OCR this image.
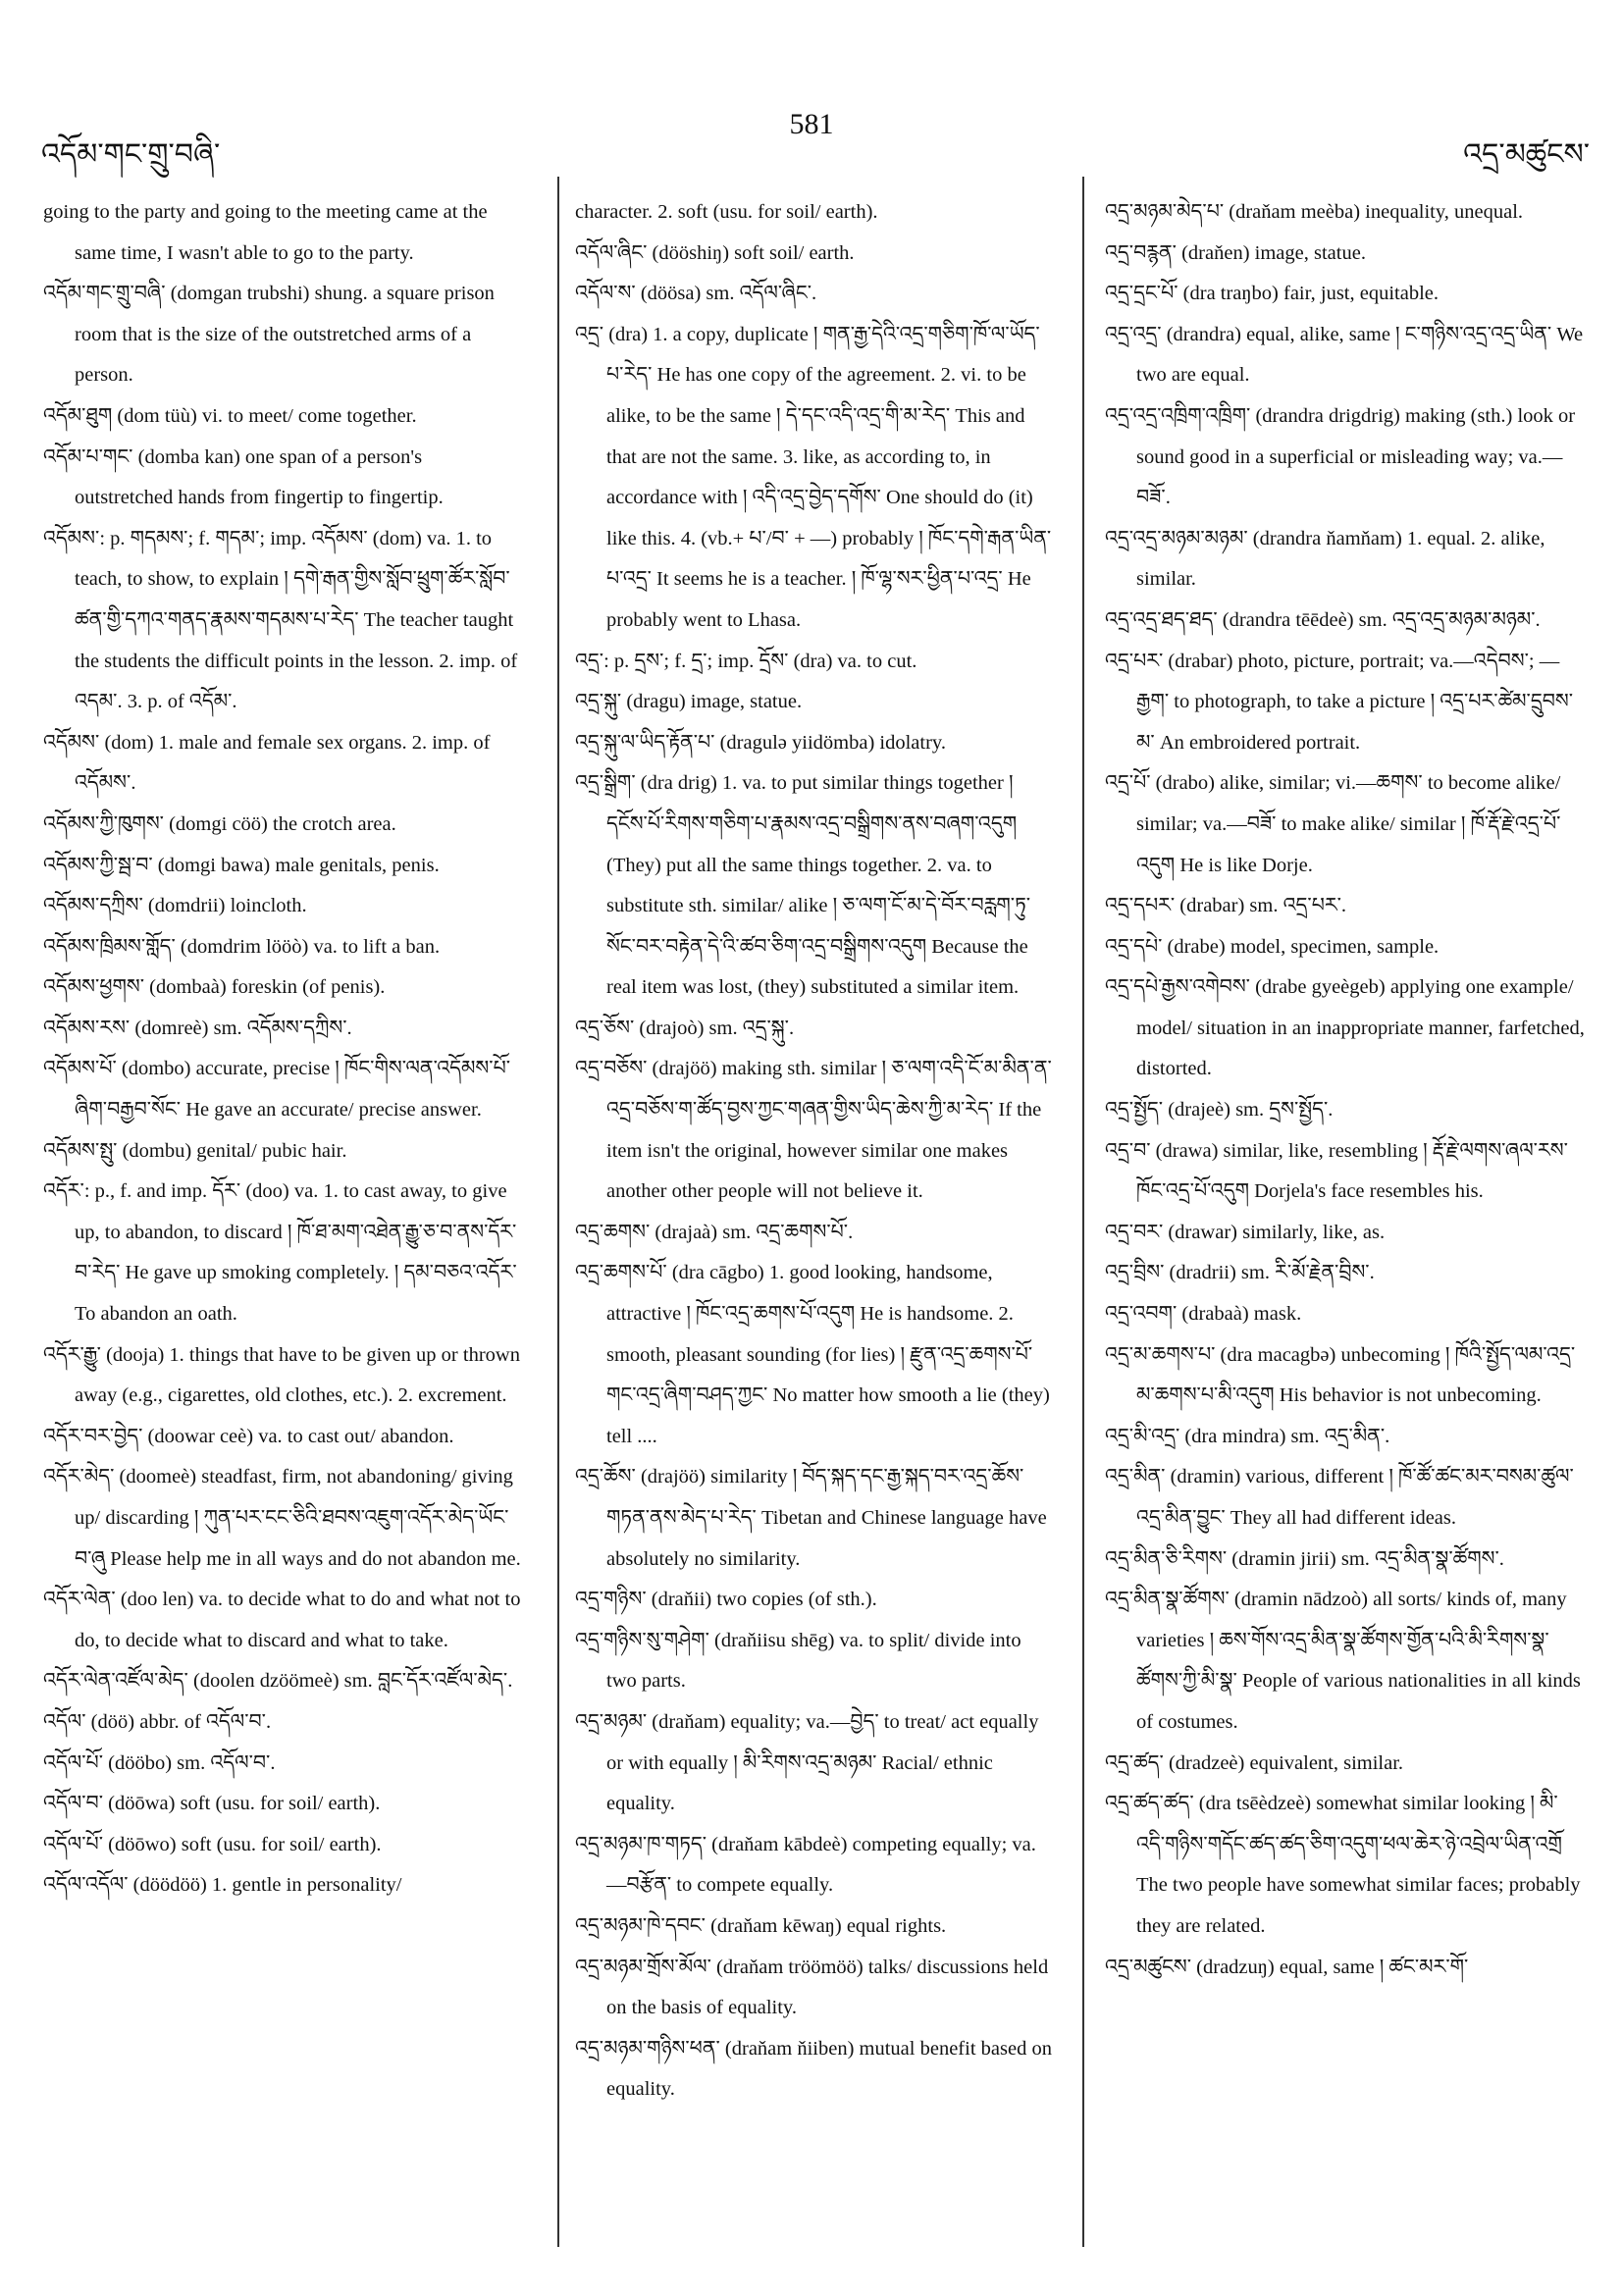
འདོམ་གང་གྲུ་བཞི་
581
འདྲ་མཚུངས་

going to the party and going to the meeting came at the same time, I wasn't able to go to the party.

འདོམ་གང་གྲུ་བཞི་ (domgan trubshi) shung. a square prison room that is the size of the outstretched arms of a person.

འདོམ་ཐུག (dom tüù) vi. to meet/ come together.

འདོམ་པ་གང་ (domba kan) one span of a person's outstretched hands from fingertip to fingertip.

འདོམས་: p. གདམས་; f. གདམ་; imp. འདོམས་ (dom) va. 1. to teach, to show, to explain ། དགེ་རྒན་གྱིས་སློབ་ཕྲུག་ཚོར་སློབ་ཚན་གྱི་དཀའ་གནད་རྣམས་གདམས་པ་རེད་ The teacher taught the students the difficult points in the lesson. 2. imp. of འདམ་. 3. p. of འདོམ་.

འདོམས་ (dom) 1. male and female sex organs. 2. imp. of འདོམས་.

འདོམས་ཀྱི་ཁུགས་ (domgi cöö) the crotch area.

འདོམས་ཀྱི་སྦ་བ་ (domgi bawa) male genitals, penis.

འདོམས་དཀྲིས་ (domdrii) loincloth.

འདོམས་ཁྲིམས་གློད་ (domdrim lööò) va. to lift a ban.

འདོམས་ཕྱགས་ (dombaà) foreskin (of penis).

འདོམས་རས་ (domreè) sm. འདོམས་དཀྲིས་.

འདོམས་པོ་ (dombo) accurate, precise ། ཁོང་གིས་ལན་འདོམས་པོ་ཞིག་བརྒྱབ་སོང་ He gave an accurate/ precise answer.

འདོམས་སྤུ་ (dombu) genital/ pubic hair.

འདོར་: p., f. and imp. དོར་ (doo) va. 1. to cast away, to give up, to abandon, to discard ། ཁོ་ཐ་མག་འཐེན་རྒྱུ་ཅ་བ་ནས་དོར་བ་རེད་ He gave up smoking completely. ། དམ་བཅའ་འདོར་ To abandon an oath.

འདོར་རྒྱུ་ (dooja) 1. things that have to be given up or thrown away (e.g., cigarettes, old clothes, etc.). 2. excrement.

འདོར་བར་བྱེད་ (doowar ceè) va. to cast out/ abandon.

འདོར་མེད་ (doomeè) steadfast, firm, not abandoning/ giving up/ discarding ། ཀུན་པར་ངང་ཅིའི་ཐབས་འཇུག་འདོར་མེད་ཡོང་བ་ཞུ Please help me in all ways and do not abandon me.

འདོར་ལེན་ (doo len) va. to decide what to do and what not to do, to decide what to discard and what to take.

འདོར་ལེན་འཛོལ་མེད་ (doolen dzöömeè) sm. བླང་དོར་འཛོལ་མེད་.

འདོལ་ (döö) abbr. of འདོལ་བ་.

འདོལ་པོ་ (dööbo) sm. འདོལ་བ་.

འདོལ་བ་ (döōwa) soft (usu. for soil/ earth).

འདོལ་པོ་ (döōwo) soft (usu. for soil/ earth).

འདོལ་འདོལ་ (döödöö) 1. gentle in personality/

character. 2. soft (usu. for soil/ earth).

འདོལ་ཞིང་ (dööshiŋ) soft soil/ earth.

འདོལ་ས་ (döösa) sm. འདོལ་ཞིང་.

འདྲ་ (dra) 1. a copy, duplicate ། གན་རྒྱ་དེའི་འདྲ་གཅིག་ཁོ་ལ་ཡོད་པ་རེད་ He has one copy of the agreement. 2. vi. to be alike, to be the same ། དེ་དང་འདི་འདྲ་གི་མ་རེད་ This and that are not the same. 3. like, as according to, in accordance with ། འདི་འདྲ་བྱེད་དགོས་ One should do (it) like this. 4. (vb.+ པ་/བ་ + —) probably ། ཁོང་དགེ་རྒན་ཡིན་པ་འདྲ་ It seems he is a teacher. ། ཁོ་ལྷ་སར་ཕྱིན་པ་འདྲ་ He probably went to Lhasa.

འདྲ་: p. དྲས་; f. དྲ་; imp. དྲོས་ (dra) va. to cut.

འདྲ་སྐུ་ (dragu) image, statue.

འདྲ་སྐུ་ལ་ཡིད་རྟོན་པ་ (dragulə yiidömba) idolatry.

འདྲ་སྒྲིག་ (dra drig) 1. va. to put similar things together ། དངོས་པོ་རིགས་གཅིག་པ་རྣམས་འདྲ་བསྒྲིགས་ནས་བཞག་འདུག (They) put all the same things together. 2. va. to substitute sth. similar/ alike ། ཅ་ལག་ངོ་མ་དེ་བོར་བརླག་ཏུ་སོང་བར་བརྟེན་དེ་འི་ཚབ་ཅིག་འདྲ་བསྒྲིགས་འདུག Because the real item was lost, (they) substituted a similar item.

འདྲ་ཅོས་ (drajoò) sm. འདྲ་སྐུ་.

འདྲ་བཅོས་ (drajöö) making sth. similar ། ཅ་ལག་འདི་ངོ་མ་མིན་ན་འདྲ་བཅོས་ག་ཚོད་བྱས་ཀྱང་གཞན་གྱིས་ཡིད་ཆེས་ཀྱི་མ་རེད་ If the item isn't the original, however similar one makes another other people will not believe it.

འདྲ་ཆགས་ (drajaà) sm. འདྲ་ཆགས་པོ་.

འདྲ་ཆགས་པོ་ (dra cāgbo) 1. good looking, handsome, attractive ། ཁོང་འདྲ་ཆགས་པོ་འདུག He is handsome. 2. smooth, pleasant sounding (for lies) ། རྫུན་འདྲ་ཆགས་པོ་གང་འདྲ་ཞིག་བཤད་ཀྱང་ No matter how smooth a lie (they) tell ....

འདྲ་ཆོས་ (drajöö) similarity ། བོད་སྐད་དང་རྒྱ་སྐད་བར་འདྲ་ཆོས་གཏན་ནས་མེད་པ་རེད་ Tibetan and Chinese language have absolutely no similarity.

འདྲ་གཉིས་ (draňii) two copies (of sth.).

འདྲ་གཉིས་སུ་གཤེག་ (draňiisu shēg) va. to split/ divide into two parts.

འདྲ་མཉམ་ (draňam) equality; va.—བྱེད་ to treat/ act equally or with equally ། མི་རིགས་འདྲ་མཉམ་ Racial/ ethnic equality.

འདྲ་མཉམ་ཁ་གཏད་ (draňam kābdeè) competing equally; va.—བརྩོན་ to compete equally.

འདྲ་མཉམ་ཁེ་དབང་ (draňam kēwaŋ) equal rights.

འདྲ་མཉམ་གྲོས་མོལ་ (draňam tröömöö) talks/ discussions held on the basis of equality.

འདྲ་མཉམ་གཉིས་ཕན་ (draňam ňiiben) mutual benefit based on equality.

འདྲ་མཉམ་མེད་པ་ (draňam meèba) inequality, unequal.

འདྲ་བརྙན་ (draňen) image, statue.

འདྲ་དྲང་པོ་ (dra traŋbo) fair, just, equitable.

འདྲ་འདྲ་ (drandra) equal, alike, same ། ང་གཉིས་འདྲ་འདྲ་ཡིན་ We two are equal.

འདྲ་འདྲ་འཁྲིག་འཁྲིག་ (drandra drigdrig) making (sth.) look or sound good in a superficial or misleading way; va.—བཟོ་.

འདྲ་འདྲ་མཉམ་མཉམ་ (drandra ňamňam) 1. equal. 2. alike, similar.

འདྲ་འདྲ་ཐད་ཐད་ (drandra tēēdeè) sm. འདྲ་འདྲ་མཉམ་མཉམ་.

འདྲ་པར་ (drabar) photo, picture, portrait; va.—འདེབས་; —རྒྱག་ to photograph, to take a picture ། འདྲ་པར་ཚེམ་དྲུབས་མ་ An embroidered portrait.

འདྲ་པོ་ (drabo) alike, similar; vi.—ཆགས་ to become alike/ similar; va.—བཟོ་ to make alike/ similar ། ཁོ་རྡོ་རྗེ་འདྲ་པོ་འདུག He is like Dorje.

འདྲ་དཔར་ (drabar) sm. འདྲ་པར་.

འདྲ་དཔེ་ (drabe) model, specimen, sample.

འདྲ་དཔེ་རྒྱས་འགེབས་ (drabe gyeègeb) applying one example/ model/ situation in an inappropriate manner, farfetched, distorted.

འདྲ་སྤྱོད་ (drajeè) sm. དྲས་སྤྱོད་.

འདྲ་བ་ (drawa) similar, like, resembling ། རྡོ་རྗེ་ལགས་ཞལ་རས་ཁོང་འདྲ་པོ་འདུག Dorjela's face resembles his.

འདྲ་བར་ (drawar) similarly, like, as.

འདྲ་བྲིས་ (dradrii) sm. རི་མོ་རྗེན་བྲིས་.

འདྲ་འབག་ (drabaà) mask.

འདྲ་མ་ཆགས་པ་ (dra macagbə) unbecoming ། ཁོའི་སྤྱོད་ལམ་འདྲ་མ་ཆགས་པ་མི་འདུག His behavior is not unbecoming.

འདྲ་མི་འདྲ་ (dra mindra) sm. འདྲ་མིན་.

འདྲ་མིན་ (dramin) various, different ། ཁོ་ཚོ་ཚང་མར་བསམ་ཚུལ་འདྲ་མིན་བྱུང་ They all had different ideas.

འདྲ་མིན་ཅི་རིགས་ (dramin jirii) sm. འདྲ་མིན་སྣ་ཚོགས་.

འདྲ་མིན་སྣ་ཚོགས་ (dramin nādzoò) all sorts/ kinds of, many varieties ། ཆས་གོས་འདྲ་མིན་སྣ་ཚོགས་གྱོན་པའི་མི་རིགས་སྣ་ཚོགས་ཀྱི་མི་སྣ་ People of various nationalities in all kinds of costumes.

འདྲ་ཚད་ (dradzeè) equivalent, similar.

འདྲ་ཚད་ཚད་ (dra tsēèdzeè) somewhat similar looking ། མི་འདི་གཉིས་གདོང་ཚད་ཚད་ཅིག་འདུག་ཕལ་ཆེར་ཉེ་འབྲེལ་ཡིན་འགྲོ The two people have somewhat similar faces; probably they are related.

འདྲ་མཚུངས་ (dradzuŋ) equal, same ། ཚང་མར་གོ་
